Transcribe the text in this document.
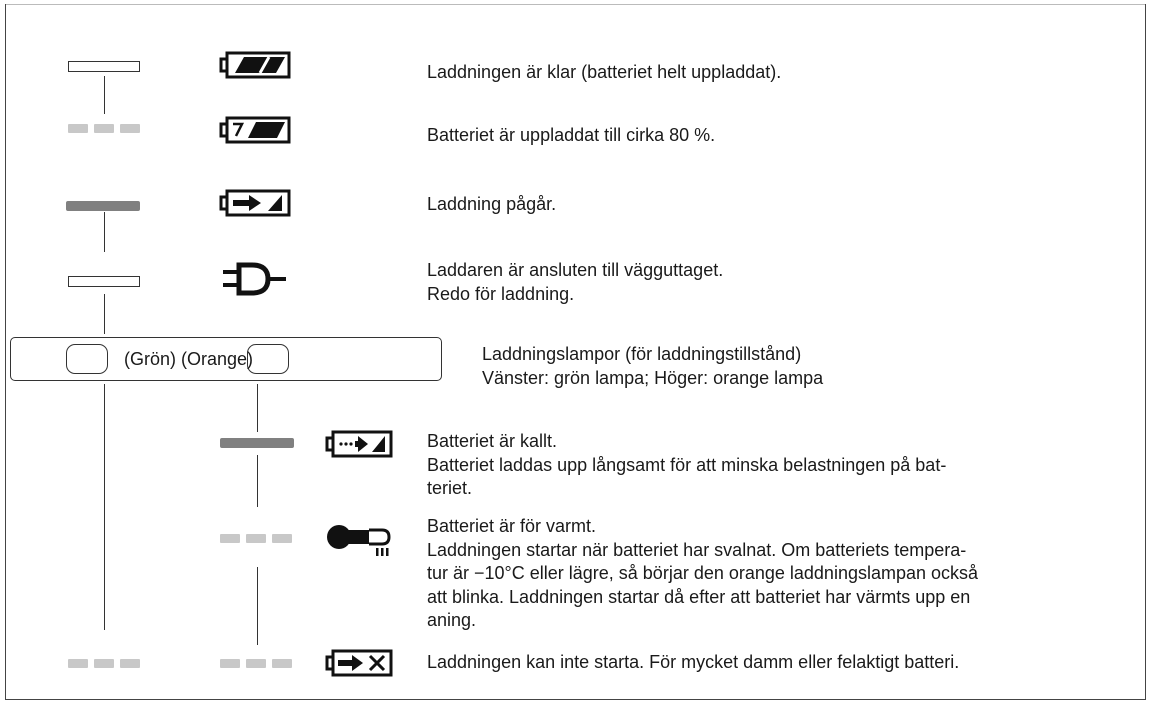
Laddningen är klar (batteriet helt uppladdat).
Batteriet är uppladdat till cirka 80 %.
Laddning pågår.
Laddaren är ansluten till vägguttaget.
Redo för laddning.
(Grön) (Orange)	Laddningslampor (för laddningstillstånd)
Vänster: grön lampa; Höger: orange lampa
Batteriet är kallt.
Batteriet laddas upp långsamt för att minska belastningen på bat-
teriet.
Batteriet är för varmt.
Laddningen startar när batteriet har svalnat. Om batteriets tempera-
tur är −10°C eller lägre, så börjar den orange laddningslampan också
att blinka. Laddningen startar då efter att batteriet har värmts upp en
aning.
Laddningen kan inte starta. För mycket damm eller felaktigt batteri.
